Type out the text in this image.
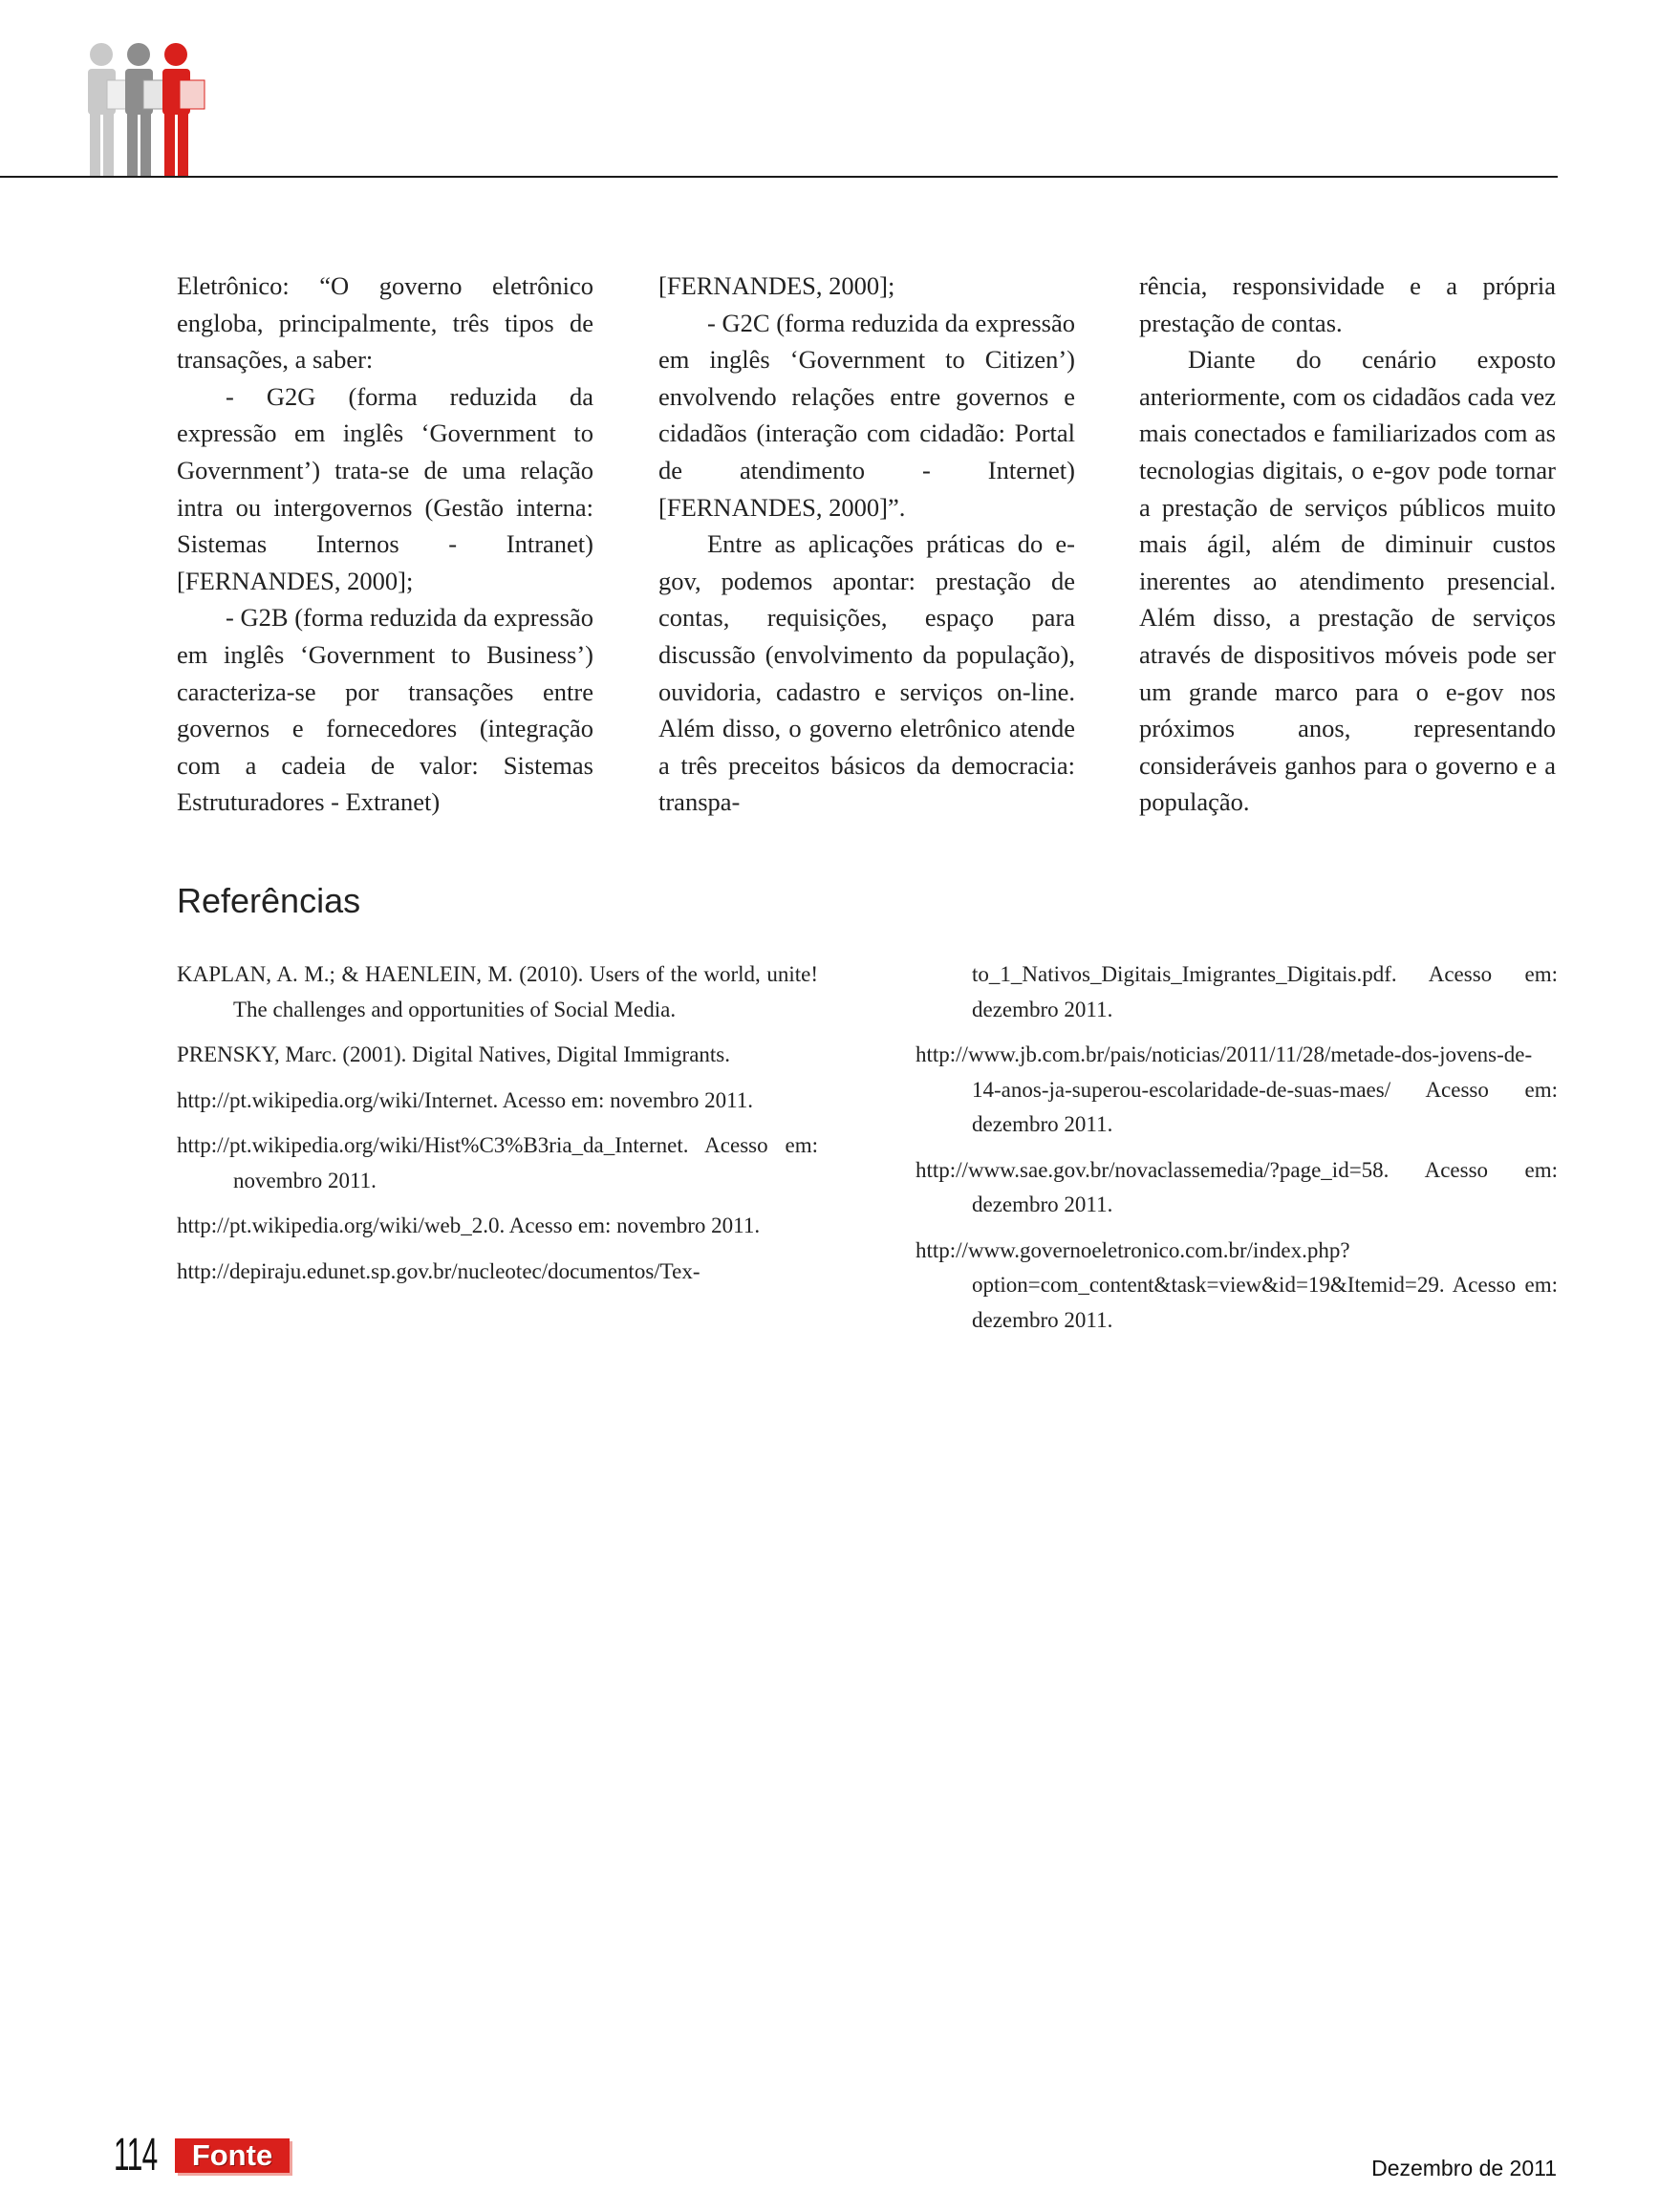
Eletrônico: “O governo eletrônico engloba, principalmente, três tipos de transações, a saber:

- G2G (forma reduzida da expressão em inglês ‘Government to Government’) trata-se de uma relação intra ou intergovernos (Gestão interna: Sistemas Internos - Intranet) [FERNANDES, 2000];

- G2B (forma reduzida da expressão em inglês ‘Government to Business’) caracteriza-se por transações entre governos e fornecedores (integração com a cadeia de valor: Sistemas Estruturadores - Extranet)

[FERNANDES, 2000];

- G2C (forma reduzida da expressão em inglês ‘Government to Citizen’) envolvendo relações entre governos e cidadãos (interação com cidadão: Portal de atendimento - Internet) [FERNANDES, 2000]”.

Entre as aplicações práticas do e-gov, podemos apontar: prestação de contas, requisições, espaço para discussão (envolvimento da população), ouvidoria, cadastro e serviços on-line. Além disso, o governo eletrônico atende a três preceitos básicos da democracia: transpa-

rência, responsividade e a própria prestação de contas.

Diante do cenário exposto anteriormente, com os cidadãos cada vez mais conectados e familiarizados com as tecnologias digitais, o e-gov pode tornar a prestação de serviços públicos muito mais ágil, além de diminuir custos inerentes ao atendimento presencial. Além disso, a prestação de serviços através de dispositivos móveis pode ser um grande marco para o e-gov nos próximos anos, representando consideráveis ganhos para o governo e a população.

Referências

KAPLAN, A. M.; & HAENLEIN, M. (2010). Users of the world, unite! The challenges and opportunities of Social Media.

PRENSKY, Marc. (2001). Digital Natives, Digital Immigrants.

http://pt.wikipedia.org/wiki/Internet. Acesso em: novembro 2011.

http://pt.wikipedia.org/wiki/Hist%C3%B3ria_da_Internet. Acesso em: novembro 2011.

http://pt.wikipedia.org/wiki/web_2.0. Acesso em: novembro 2011.

http://depiraju.edunet.sp.gov.br/nucleotec/documentos/Tex-

to_1_Nativos_Digitais_Imigrantes_Digitais.pdf. Acesso em: dezembro 2011.

http://www.jb.com.br/pais/noticias/2011/11/28/metade-dos-jovens-de-14-anos-ja-superou-escolaridade-de-suas-maes/ Acesso em: dezembro 2011.

http://www.sae.gov.br/novaclassemedia/?page_id=58. Acesso em: dezembro 2011.

http://www.governoeletronico.com.br/index.php?option=com_content&task=view&id=19&Itemid=29. Acesso em: dezembro 2011.

114	Fonte	Dezembro de 2011
